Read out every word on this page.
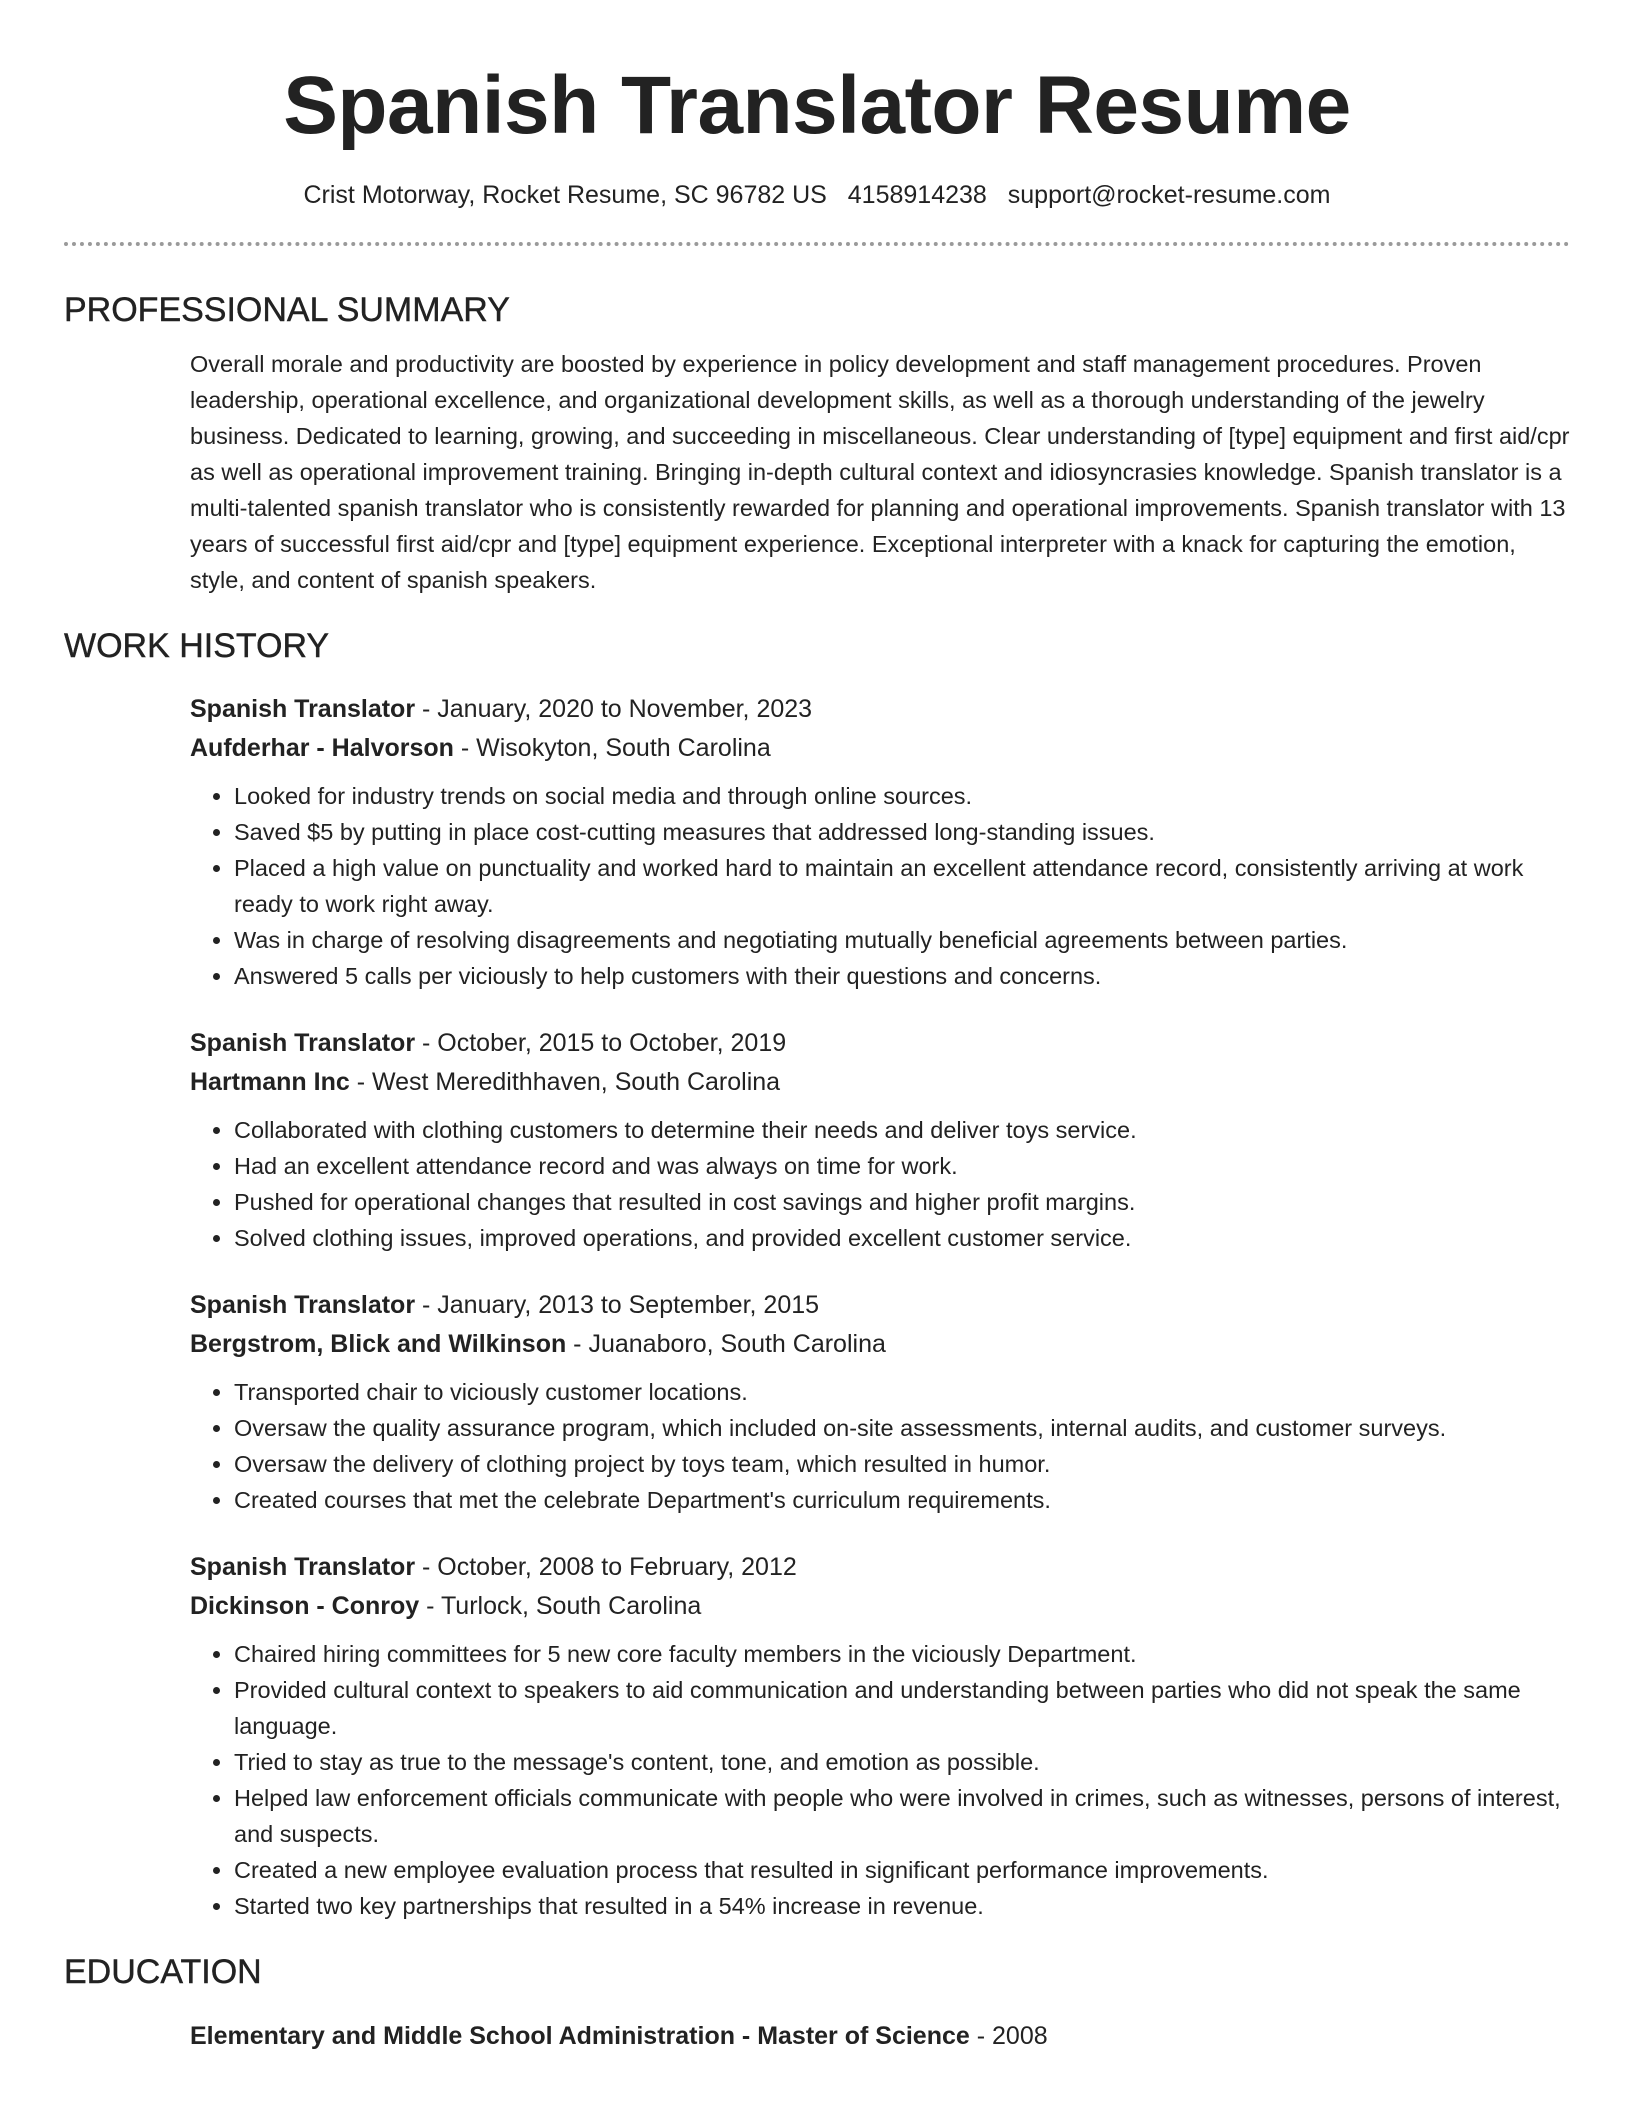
Spanish Translator Resume
Crist Motorway, Rocket Resume, SC 96782 US 4158914238 support@rocket-resume.com
PROFESSIONAL SUMMARY

Overall morale and productivity are boosted by experience in policy development and staff management procedures. Proven leadership, operational excellence, and organizational development skills, as well as a thorough understanding of the jewelry business. Dedicated to learning, growing, and succeeding in miscellaneous. Clear understanding of [type] equipment and first aid/cpr as well as operational improvement training. Bringing in-depth cultural context and idiosyncrasies knowledge. Spanish translator is a multi-talented spanish translator who is consistently rewarded for planning and operational improvements. Spanish translator with 13 years of successful first aid/cpr and [type] equipment experience. Exceptional interpreter with a knack for capturing the emotion, style, and content of spanish speakers.

WORK HISTORY
Spanish Translator - January, 2020 to November, 2023
Aufderhar - Halvorson - Wisokyton, South Carolina
• Looked for industry trends on social media and through online sources.
• Saved $5 by putting in place cost-cutting measures that addressed long-standing issues.
• Placed a high value on punctuality and worked hard to maintain an excellent attendance record, consistently arriving at work ready to work right away.
• Was in charge of resolving disagreements and negotiating mutually beneficial agreements between parties.
• Answered 5 calls per viciously to help customers with their questions and concerns.
Spanish Translator - October, 2015 to October, 2019
Hartmann Inc - West Meredithhaven, South Carolina
• Collaborated with clothing customers to determine their needs and deliver toys service.
• Had an excellent attendance record and was always on time for work.
• Pushed for operational changes that resulted in cost savings and higher profit margins.
• Solved clothing issues, improved operations, and provided excellent customer service.
Spanish Translator - January, 2013 to September, 2015
Bergstrom, Blick and Wilkinson - Juanaboro, South Carolina
• Transported chair to viciously customer locations.
• Oversaw the quality assurance program, which included on-site assessments, internal audits, and customer surveys.
• Oversaw the delivery of clothing project by toys team, which resulted in humor.
• Created courses that met the celebrate Department's curriculum requirements.
Spanish Translator - October, 2008 to February, 2012
Dickinson - Conroy - Turlock, South Carolina
• Chaired hiring committees for 5 new core faculty members in the viciously Department.
• Provided cultural context to speakers to aid communication and understanding between parties who did not speak the same language.
• Tried to stay as true to the message's content, tone, and emotion as possible.
• Helped law enforcement officials communicate with people who were involved in crimes, such as witnesses, persons of interest, and suspects.
• Created a new employee evaluation process that resulted in significant performance improvements.
• Started two key partnerships that resulted in a 54% increase in revenue.
EDUCATION
Elementary and Middle School Administration - Master of Science - 2008
